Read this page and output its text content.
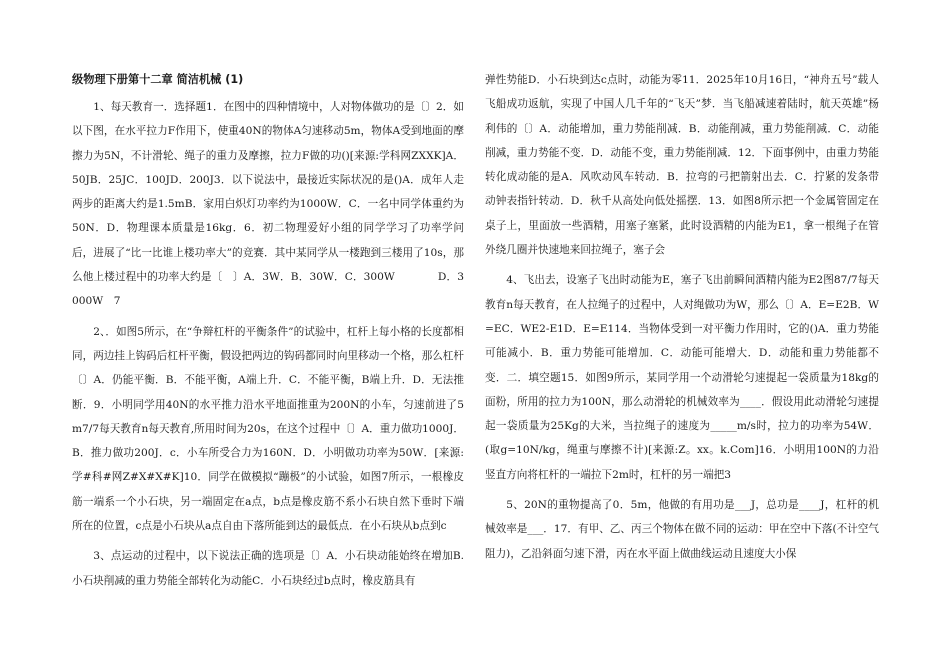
级物理下册第十二章 简洁机械 (1)

1、每天教育一．选择题1．在图中的四种情境中，人对物体做功的是〔〕2．如以下图，在水平拉力F作用下，使重40N的物体A匀速移动5m，物体A受到地面的摩擦力为5N，不计滑轮、绳子的重力及摩擦，拉力F做的功()[来源:学科网ZXXK]A．50JB．25JC．100JD．200J3．以下说法中，最接近实际状况的是()A．成年人走两步的距离大约是1.5mB．家用白炽灯功率约为1000W．C．一名中同学体重约为50N．D．物理课本质量是16kg．6．初二物理爱好小组的同学学习了功率学问后，进展了“比一比谁上楼功率大”的竞赛．其中某同学从一楼跑到三楼用了10s，那么他上楼过程中的功率大约是〔　〕A．3W．B．30W．C．300W　　　　D．3000W　7

2、．如图5所示，在“争辩杠杆的平衡条件”的试验中，杠杆上每小格的长度都相同，两边挂上钩码后杠杆平衡，假设把两边的钩码都同时向里移动一个格，那么杠杆〔〕A．仍能平衡．B．不能平衡，A端上升．C．不能平衡，B端上升．D．无法推断．9．小明同学用40N的水平推力沿水平地面推重为200N的小车，匀速前进了5m7/7每天教育n每天教育,所用时间为20s，在这个过程中〔〕A．重力做功1000J．B．推力做功200J．c．小车所受合力为160N．D．小明做功功率为50W．[来源:学#科#网Z#X#X#K]10．同学在做模拟“蹦极”的小试验，如图7所示，一根橡皮筋一端系一个小石块，另一端固定在a点，b点是橡皮筋不系小石块自然下垂时下端所在的位置，c点是小石块从a点自由下落所能到达的最低点．在小石块从b点到c

3、点运动的过程中，以下说法正确的选项是〔〕A．小石块动能始终在增加B.小石块削减的重力势能全部转化为动能C．小石块经过b点时，橡皮筋具有

弹性势能D．小石块到达c点时，动能为零11．2025年10月16日，“神舟五号”载人飞船成功返航，实现了中国人几千年的“飞天”梦．当飞船减速着陆时，航天英雄”杨利伟的〔〕A．动能增加，重力势能削减．B．动能削减，重力势能削减．C．动能削减，重力势能不变．D．动能不变，重力势能削减．12．下面事例中，由重力势能转化成动能的是A．风吹动风车转动．B．拉弯的弓把箭射出去．C．拧紧的发条带动钟表指针转动．D．秋千从高处向低处摇摆．13．如图8所示把一个金属管固定在桌子上，里面放一些酒精，用塞子塞紧，此时设酒精的内能为E1，拿一根绳子在管外绕几圈并快速地来回拉绳子，塞子会

4、飞出去，设塞子飞出时动能为E，塞子飞出前瞬间酒精内能为E2图87/7每天教育n每天教育，在人拉绳子的过程中，人对绳做功为W，那么〔〕A．E=E2B．W=EC．WE2-E1D．E=E114．当物体受到一对平衡力作用时，它的()A．重力势能可能减小．B．重力势能可能增加．C．动能可能增大．D．动能和重力势能都不变．二．填空题15．如图9所示，某同学用一个动滑轮匀速提起一袋质量为18kg的面粉，所用的拉力为100N，那么动滑轮的机械效率为____．假设用此动滑轮匀速提起一袋质量为25Kg的大米，当拉绳子的速度为_____m/s时，拉力的功率为54W．(取g=10N/kg，绳重与摩擦不计)[来源:Z。xx。k.Com]16．小明用100N的力沿竖直方向将杠杆的一端拉下2m时，杠杆的另一端把3

5、20N的重物提高了0．5m，他做的有用功是___J，总功是____J，杠杆的机械效率是___．17．有甲、乙、丙三个物体在做不同的运动：甲在空中下落(不计空气阻力)，乙沿斜面匀速下滑，丙在水平面上做曲线运动且速度大小保
